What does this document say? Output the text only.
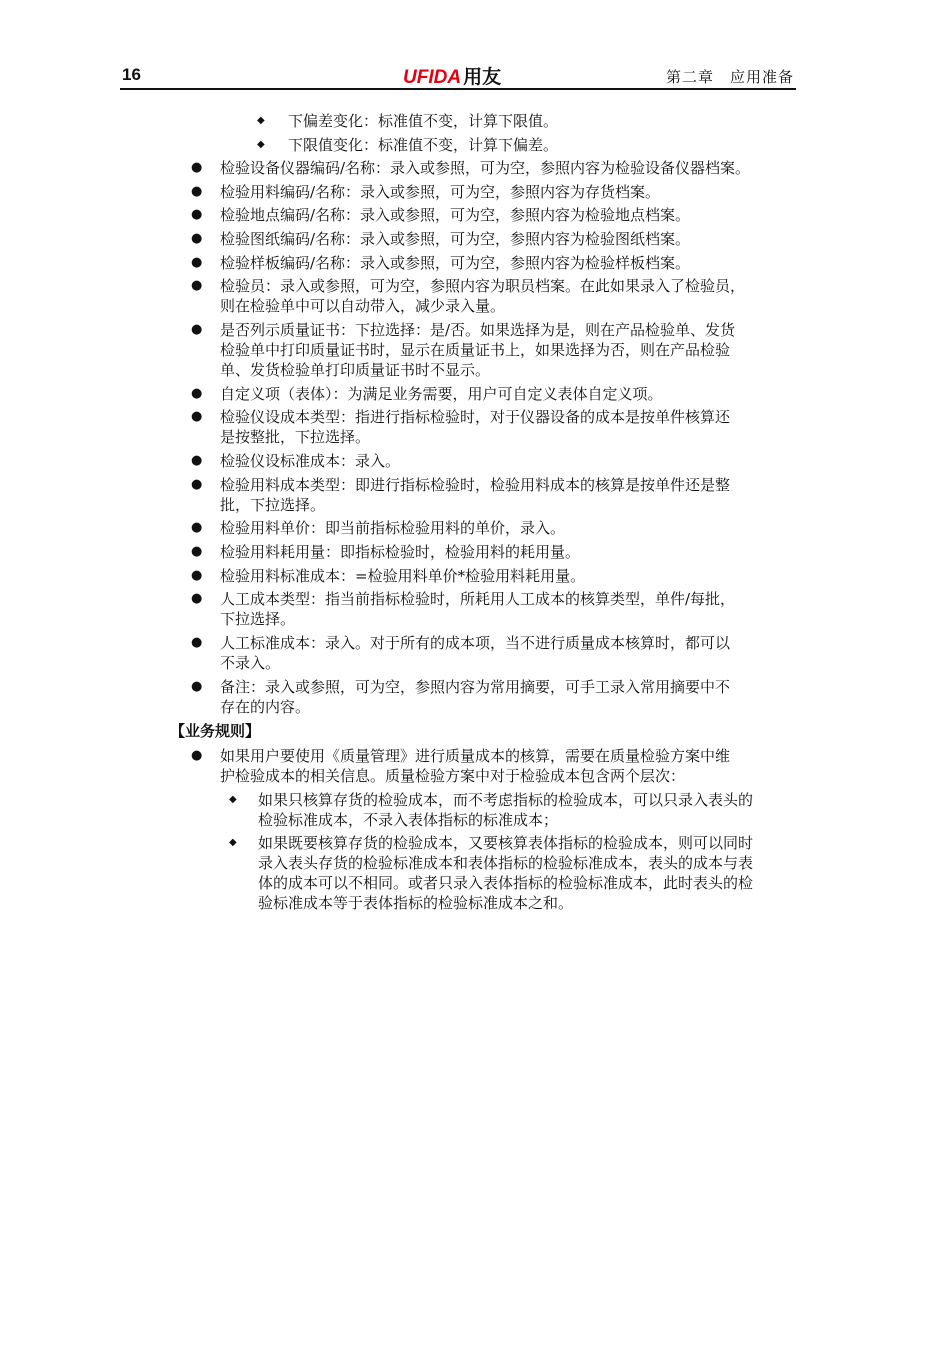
16	UFIDA 用友	第二章　应用准备
◆ 下偏差变化：标准值不变，计算下限值。
◆ 下限值变化：标准值不变，计算下偏差。
● 检验设备仪器编码/名称：录入或参照，可为空，参照内容为检验设备仪器档案。
● 检验用料编码/名称：录入或参照，可为空，参照内容为存货档案。
● 检验地点编码/名称：录入或参照，可为空，参照内容为检验地点档案。
● 检验图纸编码/名称：录入或参照，可为空，参照内容为检验图纸档案。
● 检验样板编码/名称：录入或参照，可为空，参照内容为检验样板档案。
● 检验员：录入或参照，可为空，参照内容为职员档案。在此如果录入了检验员，
则在检验单中可以自动带入，减少录入量。
● 是否列示质量证书：下拉选择：是/否。如果选择为是，则在产品检验单、发货
检验单中打印质量证书时，显示在质量证书上，如果选择为否，则在产品检验
单、发货检验单打印质量证书时不显示。
● 自定义项（表体）：为满足业务需要，用户可自定义表体自定义项。
● 检验仪设成本类型：指进行指标检验时，对于仪器设备的成本是按单件核算还
是按整批，下拉选择。
● 检验仪设标准成本：录入。
● 检验用料成本类型：即进行指标检验时，检验用料成本的核算是按单件还是整
批，下拉选择。
● 检验用料单价：即当前指标检验用料的单价，录入。
● 检验用料耗用量：即指标检验时，检验用料的耗用量。
● 检验用料标准成本：=检验用料单价*检验用料耗用量。
● 人工成本类型：指当前指标检验时，所耗用人工成本的核算类型，单件/每批，
下拉选择。
● 人工标准成本：录入。对于所有的成本项，当不进行质量成本核算时，都可以
不录入。
● 备注：录入或参照，可为空，参照内容为常用摘要，可手工录入常用摘要中不
存在的内容。
【业务规则】
● 如果用户要使用《质量管理》进行质量成本的核算，需要在质量检验方案中维
护检验成本的相关信息。质量检验方案中对于检验成本包含两个层次：
◆ 如果只核算存货的检验成本，而不考虑指标的检验成本，可以只录入表头的
检验标准成本，不录入表体指标的标准成本；
◆ 如果既要核算存货的检验成本，又要核算表体指标的检验成本，则可以同时
录入表头存货的检验标准成本和表体指标的检验标准成本，表头的成本与表
体的成本可以不相同。或者只录入表体指标的检验标准成本，此时表头的检
验标准成本等于表体指标的检验标准成本之和。
